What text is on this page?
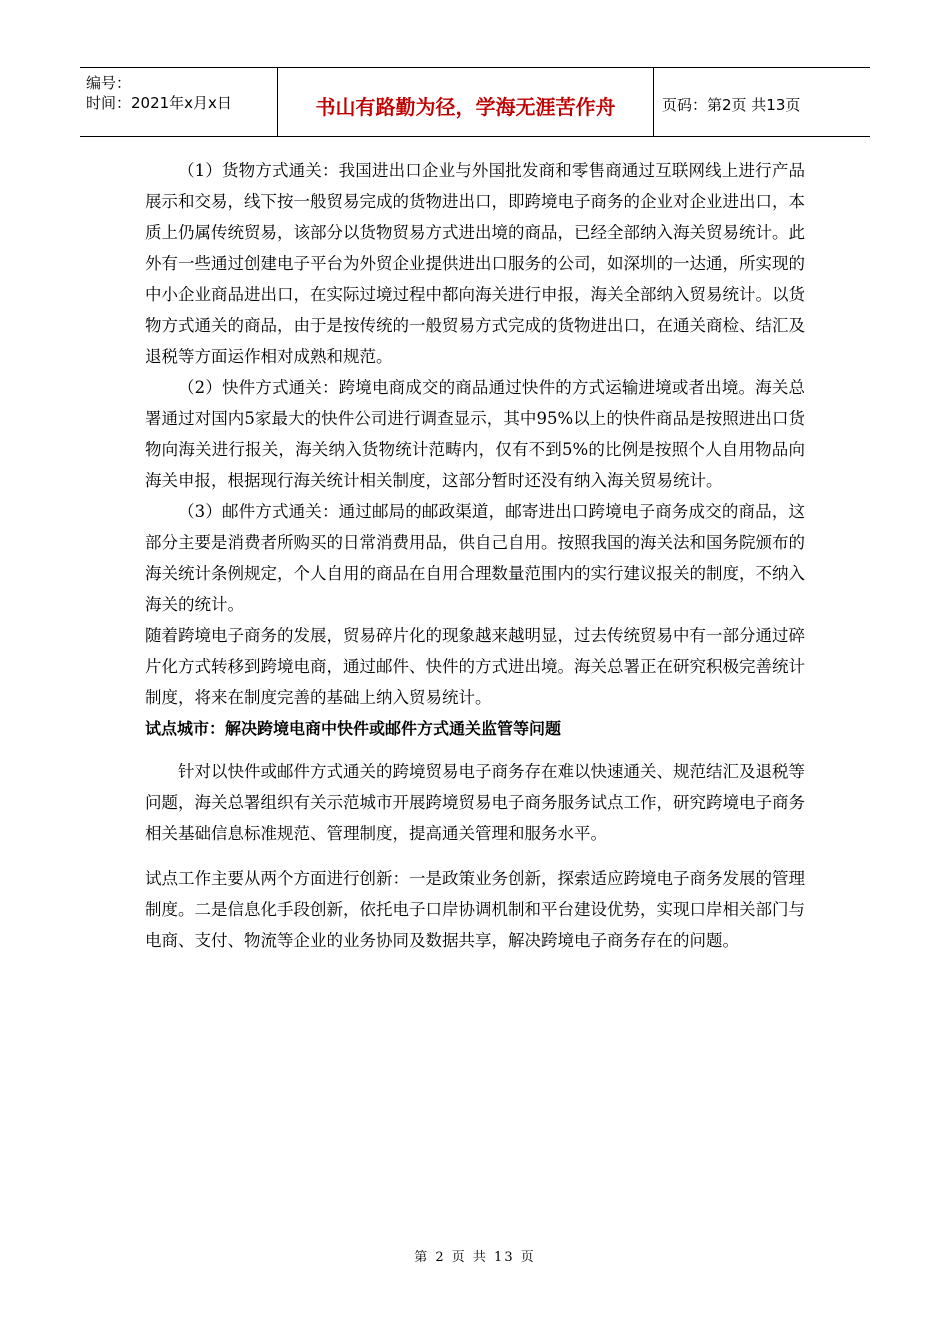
编号：
时间：2021年x月x日	书山有路勤为径，学海无涯苦作舟	页码：第2页 共13页

（1）货物方式通关：我国进出口企业与外国批发商和零售商通过互联网线上进行产品展示和交易，线下按一般贸易完成的货物进出口，即跨境电子商务的企业对企业进出口，本质上仍属传统贸易，该部分以货物贸易方式进出境的商品，已经全部纳入海关贸易统计。此外有一些通过创建电子平台为外贸企业提供进出口服务的公司，如深圳的一达通，所实现的中小企业商品进出口，在实际过境过程中都向海关进行申报，海关全部纳入贸易统计。以货物方式通关的商品，由于是按传统的一般贸易方式完成的货物进出口，在通关商检、结汇及退税等方面运作相对成熟和规范。

（2）快件方式通关：跨境电商成交的商品通过快件的方式运输进境或者出境。海关总署通过对国内5家最大的快件公司进行调查显示，其中95%以上的快件商品是按照进出口货物向海关进行报关，海关纳入货物统计范畴内，仅有不到5%的比例是按照个人自用物品向海关申报，根据现行海关统计相关制度，这部分暂时还没有纳入海关贸易统计。

（3）邮件方式通关：通过邮局的邮政渠道，邮寄进出口跨境电子商务成交的商品，这部分主要是消费者所购买的日常消费用品，供自己自用。按照我国的海关法和国务院颁布的海关统计条例规定，个人自用的商品在自用合理数量范围内的实行建议报关的制度，不纳入海关的统计。

随着跨境电子商务的发展，贸易碎片化的现象越来越明显，过去传统贸易中有一部分通过碎片化方式转移到跨境电商，通过邮件、快件的方式进出境。海关总署正在研究积极完善统计制度，将来在制度完善的基础上纳入贸易统计。

试点城市：解决跨境电商中快件或邮件方式通关监管等问题

针对以快件或邮件方式通关的跨境贸易电子商务存在难以快速通关、规范结汇及退税等问题，海关总署组织有关示范城市开展跨境贸易电子商务服务试点工作，研究跨境电子商务相关基础信息标准规范、管理制度，提高通关管理和服务水平。

试点工作主要从两个方面进行创新：一是政策业务创新，探索适应跨境电子商务发展的管理制度。二是信息化手段创新，依托电子口岸协调机制和平台建设优势，实现口岸相关部门与电商、支付、物流等企业的业务协同及数据共享，解决跨境电子商务存在的问题。

第 2 页 共 13 页
